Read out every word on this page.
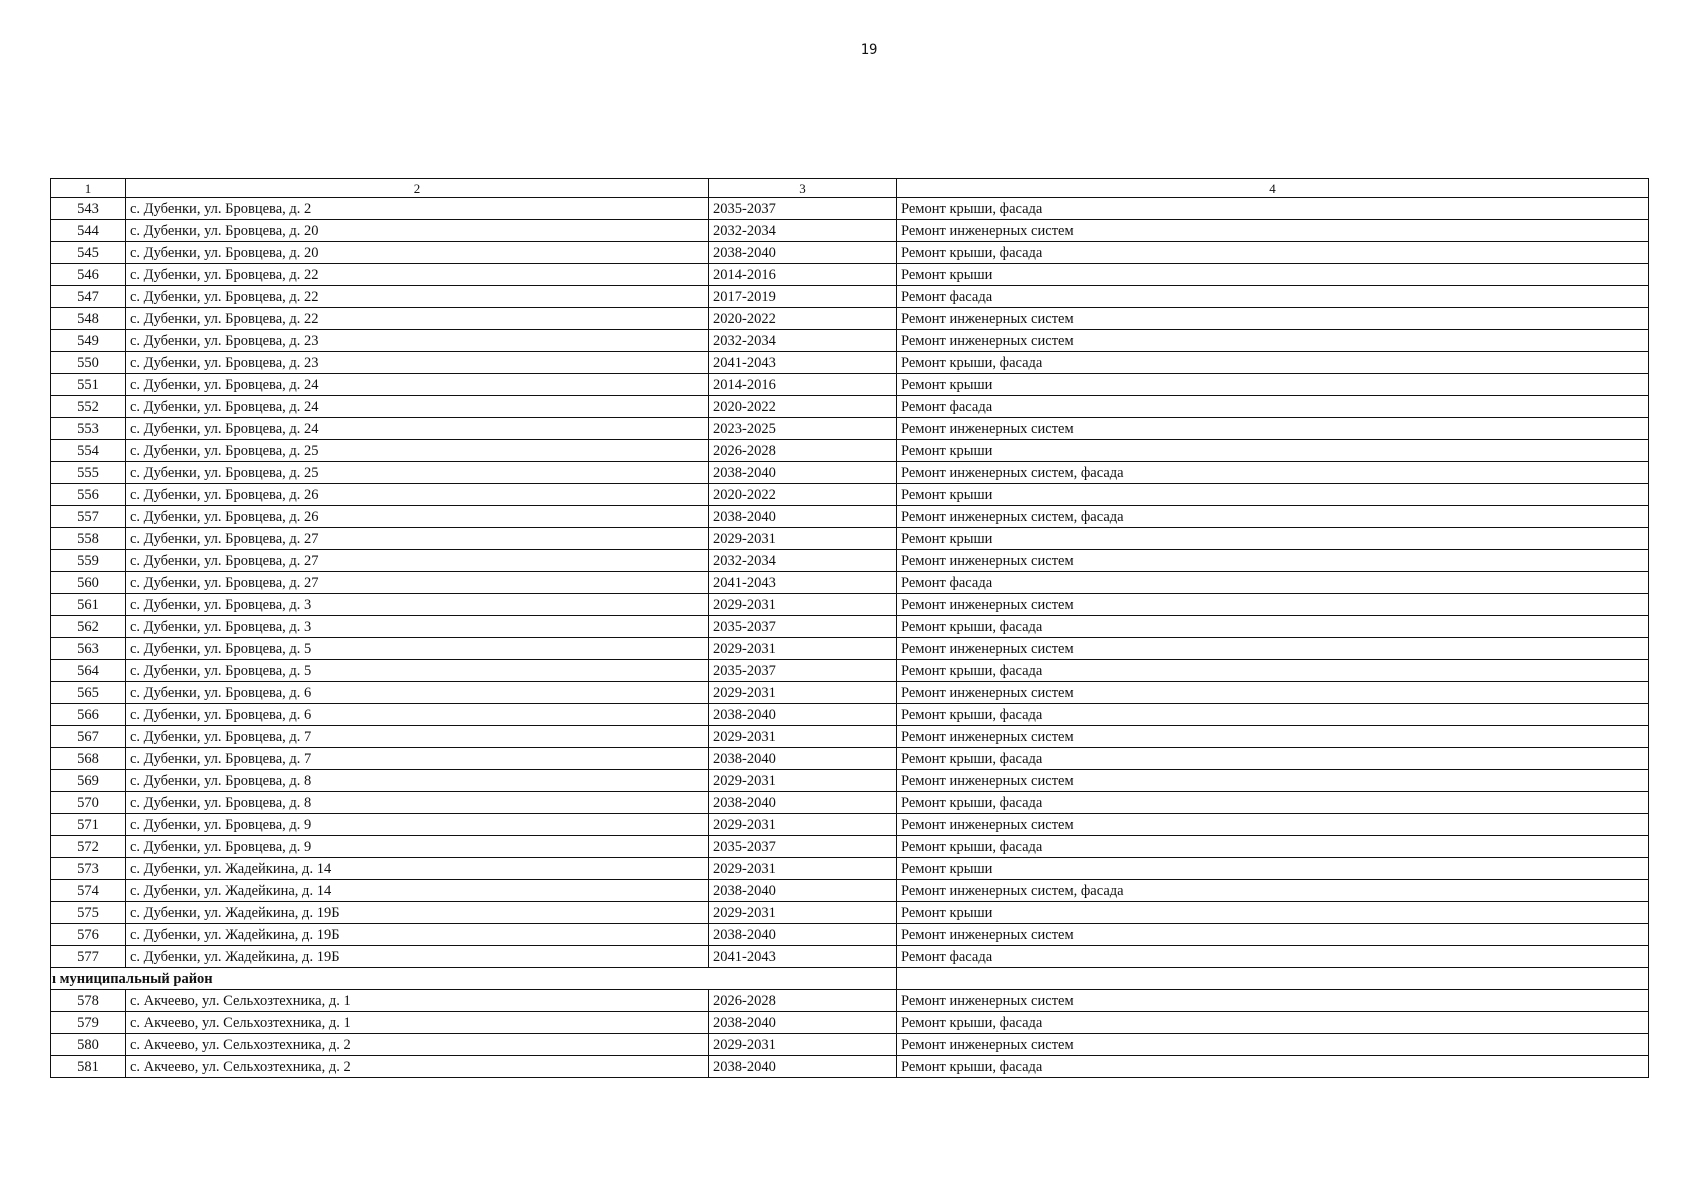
19
1	2	3	4
543	с. Дубенки, ул. Бровцева, д. 2	2035-2037	Ремонт крыши, фасада
544	с. Дубенки, ул. Бровцева, д. 20	2032-2034	Ремонт инженерных систем
545	с. Дубенки, ул. Бровцева, д. 20	2038-2040	Ремонт крыши, фасада
546	с. Дубенки, ул. Бровцева, д. 22	2014-2016	Ремонт крыши
547	с. Дубенки, ул. Бровцева, д. 22	2017-2019	Ремонт фасада
548	с. Дубенки, ул. Бровцева, д. 22	2020-2022	Ремонт инженерных систем
549	с. Дубенки, ул. Бровцева, д. 23	2032-2034	Ремонт инженерных систем
550	с. Дубенки, ул. Бровцева, д. 23	2041-2043	Ремонт крыши, фасада
551	с. Дубенки, ул. Бровцева, д. 24	2014-2016	Ремонт крыши
552	с. Дубенки, ул. Бровцева, д. 24	2020-2022	Ремонт фасада
553	с. Дубенки, ул. Бровцева, д. 24	2023-2025	Ремонт инженерных систем
554	с. Дубенки, ул. Бровцева, д. 25	2026-2028	Ремонт крыши
555	с. Дубенки, ул. Бровцева, д. 25	2038-2040	Ремонт инженерных систем, фасада
556	с. Дубенки, ул. Бровцева, д. 26	2020-2022	Ремонт крыши
557	с. Дубенки, ул. Бровцева, д. 26	2038-2040	Ремонт инженерных систем, фасада
558	с. Дубенки, ул. Бровцева, д. 27	2029-2031	Ремонт крыши
559	с. Дубенки, ул. Бровцева, д. 27	2032-2034	Ремонт инженерных систем
560	с. Дубенки, ул. Бровцева, д. 27	2041-2043	Ремонт фасада
561	с. Дубенки, ул. Бровцева, д. 3	2029-2031	Ремонт инженерных систем
562	с. Дубенки, ул. Бровцева, д. 3	2035-2037	Ремонт крыши, фасада
563	с. Дубенки, ул. Бровцева, д. 5	2029-2031	Ремонт инженерных систем
564	с. Дубенки, ул. Бровцева, д. 5	2035-2037	Ремонт крыши, фасада
565	с. Дубенки, ул. Бровцева, д. 6	2029-2031	Ремонт инженерных систем
566	с. Дубенки, ул. Бровцева, д. 6	2038-2040	Ремонт крыши, фасада
567	с. Дубенки, ул. Бровцева, д. 7	2029-2031	Ремонт инженерных систем
568	с. Дубенки, ул. Бровцева, д. 7	2038-2040	Ремонт крыши, фасада
569	с. Дубенки, ул. Бровцева, д. 8	2029-2031	Ремонт инженерных систем
570	с. Дубенки, ул. Бровцева, д. 8	2038-2040	Ремонт крыши, фасада
571	с. Дубенки, ул. Бровцева, д. 9	2029-2031	Ремонт инженерных систем
572	с. Дубенки, ул. Бровцева, д. 9	2035-2037	Ремонт крыши, фасада
573	с. Дубенки, ул. Жадейкина, д. 14	2029-2031	Ремонт крыши
574	с. Дубенки, ул. Жадейкина, д. 14	2038-2040	Ремонт инженерных систем, фасада
575	с. Дубенки, ул. Жадейкина, д. 19Б	2029-2031	Ремонт крыши
576	с. Дубенки, ул. Жадейкина, д. 19Б	2038-2040	Ремонт инженерных систем
577	с. Дубенки, ул. Жадейкина, д. 19Б	2041-2043	Ремонт фасада
ı муниципальный район			
578	с. Акчеево, ул. Сельхозтехника, д. 1	2026-2028	Ремонт инженерных систем
579	с. Акчеево, ул. Сельхозтехника, д. 1	2038-2040	Ремонт крыши, фасада
580	с. Акчеево, ул. Сельхозтехника, д. 2	2029-2031	Ремонт инженерных систем
581	с. Акчеево, ул. Сельхозтехника, д. 2	2038-2040	Ремонт крыши, фасада
